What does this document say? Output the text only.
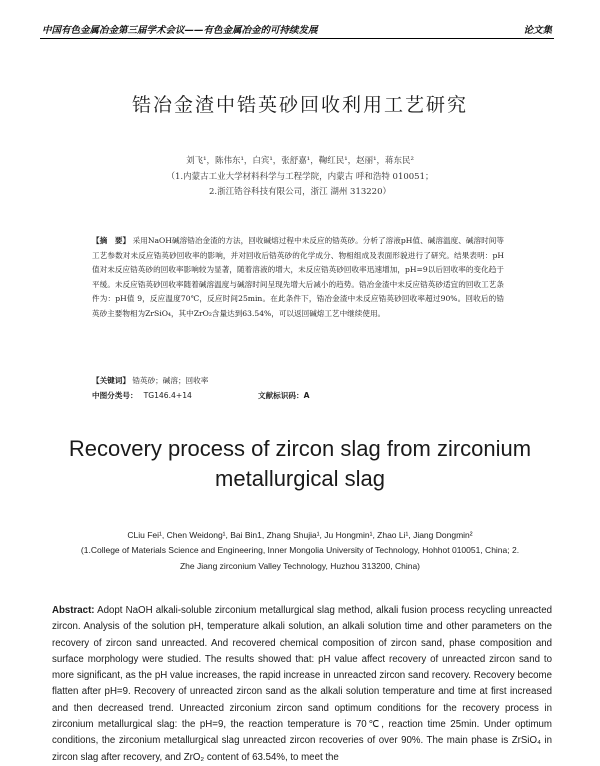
中国有色金属冶金第三届学术会议——有色金属冶金的可持续发展	论文集
锆冶金渣中锆英砂回收利用工艺研究
刘飞¹，陈伟东¹，白宾¹，张舒嘉¹，鞠红民¹，赵丽¹，蒋东民²
（1.内蒙古工业大学材料科学与工程学院，内蒙古 呼和浩特 010051；
2.浙江锆谷科技有限公司，浙江 湖州 313220）
【摘　要】 采用NaOH碱溶锆冶金渣的方法，回收碱熔过程中未反应的锆英砂。分析了溶液pH值、碱溶温度、碱溶时间等工艺参数对未反应锆英砂回收率的影响，并对回收后锆英砂的化学成分、物相组成及表面形貌进行了研究。结果表明：pH值对未反应锆英砂的回收率影响较为显著，随着溶液的增大，未反应锆英砂回收率迅速增加，pH=9以后回收率的变化趋于平缓。未反应锆英砂回收率随着碱溶温度与碱溶时间呈现先增大后减小的趋势。锆冶金渣中未反应锆英砂适宜的回收工艺条件为：pH值 9，反应温度70℃，反应时间25min。在此条件下，锆冶金渣中未反应锆英砂回收率超过90%。回收后的锆英砂主要物相为ZrSiO₄，其中ZrO₂含量达到63.54%，可以返回碱熔工艺中继续使用。
【关键词】 锆英砂；碱溶；回收率
中图分类号： TG146.4+14	文献标识码：A
Recovery process of zircon slag from zirconium
metallurgical slag
CLiu Fei¹, Chen Weidong¹, Bai Bin1, Zhang Shujia¹, Ju Hongmin¹, Zhao Li¹, Jiang Dongmin²
(1.College of Materials Science and Engineering, Inner Mongolia University of Technology, Hohhot 010051, China; 2.
Zhe Jiang zirconium Valley Technology, Huzhou 313200, China)
Abstract: Adopt NaOH alkali-soluble zirconium metallurgical slag method, alkali fusion process recycling unreacted zircon. Analysis of the solution pH, temperature alkali solution, an alkali solution time and other parameters on the recovery of zircon sand unreacted. And recovered chemical composition of zircon sand, phase composition and surface morphology were studied. The results showed that: pH value affect recovery of unreacted zircon sand to more significant, as the pH value increases, the rapid increase in unreacted zircon sand recovery. Recovery become flatten after pH=9. Recovery of unreacted zircon sand as the alkali solution temperature and time at first increased and then decreased trend. Unreacted zirconium zircon sand optimum conditions for the recovery process in zirconium metallurgical slag: the pH=9, the reaction temperature is 70℃, reaction time 25min. Under optimum conditions, the zirconium metallurgical slag unreacted zircon recoveries of over 90%. The main phase is ZrSiO₄ in zircon slag after recovery, and ZrO₂ content of 63.54%, to meet the
